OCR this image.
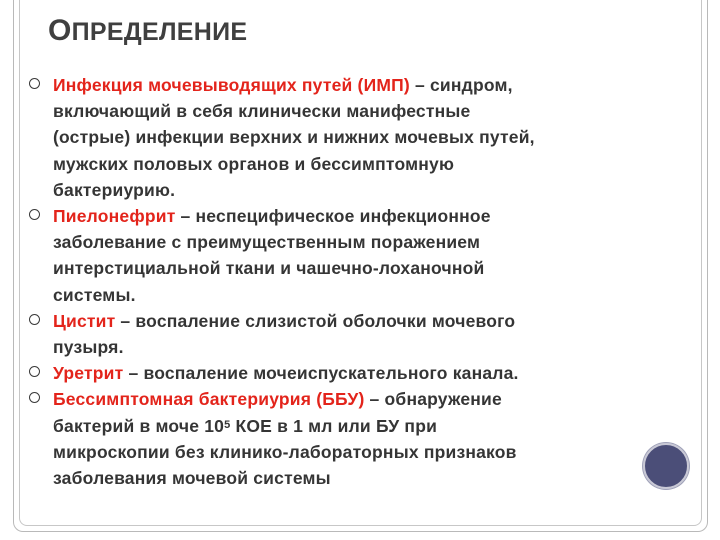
ОПРЕДЕЛЕНИЕ
Инфекция мочевыводящих путей (ИМП) – синдром,
включающий в себя клинически манифестные
(острые) инфекции верхних и нижних мочевых путей,
мужских половых органов и бессимптомную
бактериурию.
Пиелонефрит – неспецифическое инфекционное
заболевание с преимущественным поражением
интерстициальной ткани и чашечно-лоханочной
системы.
Цистит – воспаление слизистой оболочки мочевого
пузыря.
Уретрит – воспаление мочеиспускательного канала.
Бессимптомная бактериурия (ББУ) – обнаружение
бактерий в моче $10^5$ КОЕ в 1 мл или БУ при
микроскопии без клинико-лабораторных признаков
заболевания мочевой системы
